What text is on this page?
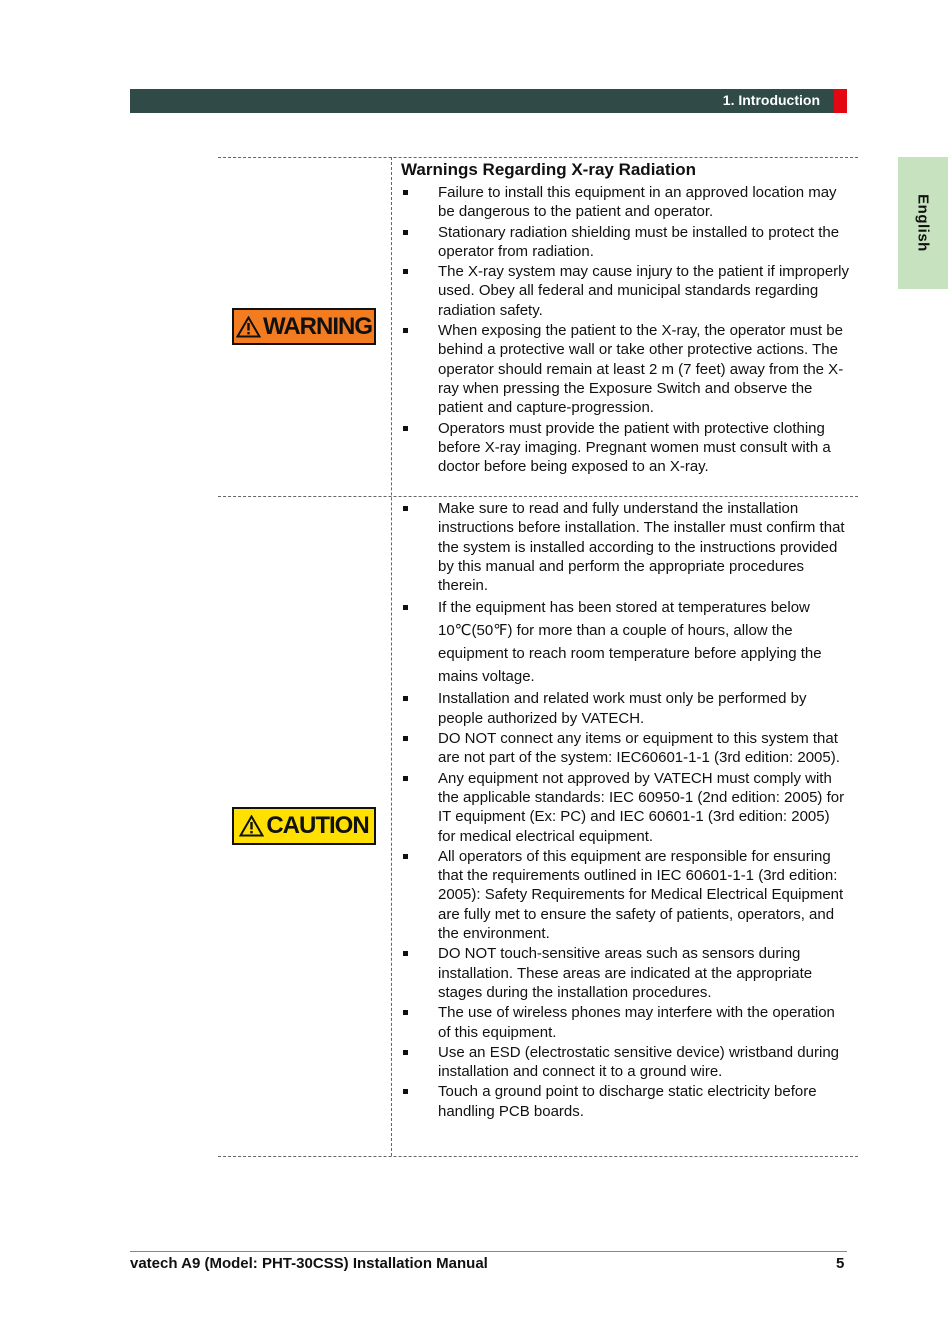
1. Introduction
English
WARNING
CAUTION
Warnings Regarding X-ray Radiation
Failure to install this equipment in an approved location may be dangerous to the patient and operator.
Stationary radiation shielding must be installed to protect the operator from radiation.
The X-ray system may cause injury to the patient if improperly used. Obey all federal and municipal standards regarding radiation safety.
When exposing the patient to the X-ray, the operator must be behind a protective wall or take other protective actions. The operator should remain at least 2 m (7 feet) away from the X-ray when pressing the Exposure Switch and observe the patient and capture-progression.
Operators must provide the patient with protective clothing before X-ray imaging. Pregnant women must consult with a doctor before being exposed to an X-ray.
Make sure to read and fully understand the installation instructions before installation. The installer must confirm that the system is installed according to the instructions provided by this manual and perform the appropriate procedures therein.
If the equipment has been stored at temperatures below 10℃(50℉) for more than a couple of hours, allow the equipment to reach room temperature before applying the mains voltage.
Installation and related work must only be performed by people authorized by VATECH.
DO NOT connect any items or equipment to this system that are not part of the system: IEC60601-1-1 (3rd edition: 2005).
Any equipment not approved by VATECH must comply with the applicable standards: IEC 60950-1 (2nd edition: 2005) for IT equipment (Ex: PC) and IEC 60601-1 (3rd edition: 2005) for medical electrical equipment.
All operators of this equipment are responsible for ensuring that the requirements outlined in IEC 60601-1-1 (3rd edition: 2005): Safety Requirements for Medical Electrical Equipment are fully met to ensure the safety of patients, operators, and the environment.
DO NOT touch-sensitive areas such as sensors during installation. These areas are indicated at the appropriate stages during the installation procedures.
The use of wireless phones may interfere with the operation of this equipment.
Use an ESD (electrostatic sensitive device) wristband during installation and connect it to a ground wire.
Touch a ground point to discharge static electricity before handling PCB boards.
vatech A9 (Model: PHT-30CSS) Installation Manual	5
